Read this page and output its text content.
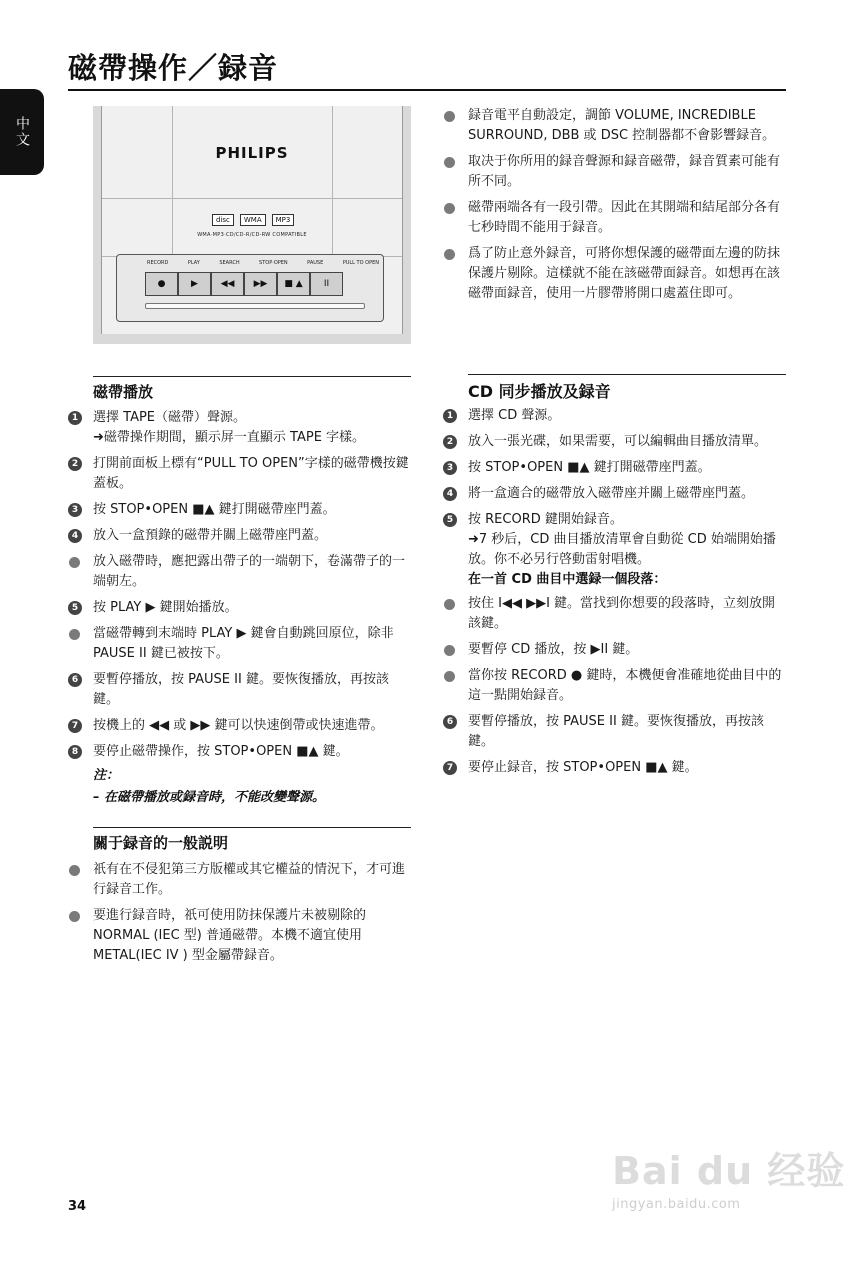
磁帶操作／録音
中文
PHILIPS
disc	WMA	MP3
WMA·MP3·CD/CD-R/CD-RW COMPATIBLE
RECORD	PLAY	SEARCH	STOP·OPEN	PAUSE	PULL TO OPEN
●	▶	◀◀	▶▶	■ ▲	II
磁帶播放
1 選擇 TAPE（磁帶）聲源。
➜磁帶操作期間，顯示屏一直顯示 TAPE 字樣。
2 打開前面板上標有“PULL TO OPEN”字樣的磁帶機按鍵蓋板。
3 按 STOP•OPEN ■▲ 鍵打開磁帶座門蓋。
4 放入一盒預錄的磁帶并關上磁帶座門蓋。
放入磁帶時，應把露出帶子的一端朝下，卷滿帶子的一端朝左。
5 按 PLAY ▶ 鍵開始播放。
當磁帶轉到末端時 PLAY ▶ 鍵會自動跳回原位，除非 PAUSE II 鍵已被按下。
6 要暫停播放，按 PAUSE II 鍵。要恢復播放，再按該鍵。
7 按機上的 ◀◀ 或 ▶▶ 鍵可以快速倒帶或快速進帶。
8 要停止磁帶操作，按 STOP•OPEN ■▲ 鍵。
注：
– 在磁帶播放或録音時，不能改變聲源。
關于録音的一般説明
祇有在不侵犯第三方版權或其它權益的情況下，才可進行録音工作。
要進行録音時，祇可使用防抹保護片未被剔除的 NORMAL (IEC 型) 普通磁帶。本機不適宜使用 METAL(IEC IV ) 型金屬帶録音。
録音電平自動設定，調節 VOLUME, INCREDIBLE SURROUND, DBB 或 DSC 控制器都不會影響録音。
取决于你所用的録音聲源和録音磁帶，録音質素可能有所不同。
磁帶兩端各有一段引帶。因此在其開端和結尾部分各有七秒時間不能用于録音。
爲了防止意外録音，可將你想保護的磁帶面左邊的防抹保護片剔除。這樣就不能在該磁帶面録音。如想再在該磁帶面録音，使用一片膠帶將開口處蓋住即可。
CD 同步播放及録音
1 選擇 CD 聲源。
2 放入一張光碟，如果需要，可以編輯曲目播放清單。
3 按 STOP•OPEN ■▲ 鍵打開磁帶座門蓋。
4 將一盒適合的磁帶放入磁帶座并關上磁帶座門蓋。
5 按 RECORD 鍵開始録音。
➜7 秒后，CD 曲目播放清單會自動從 CD 始端開始播放。你不必另行啓動雷射唱機。
在一首 CD 曲目中選録一個段落：
按住 I◀◀ ▶▶I 鍵。當找到你想要的段落時，立刻放開該鍵。
要暫停 CD 播放，按 ▶II 鍵。
當你按 RECORD ● 鍵時，本機便會准確地從曲目中的這一點開始録音。
6 要暫停播放，按 PAUSE II 鍵。要恢復播放，再按該鍵。
7 要停止録音，按 STOP•OPEN ■▲ 鍵。
34
Bai du 经验
jingyan.baidu.com
